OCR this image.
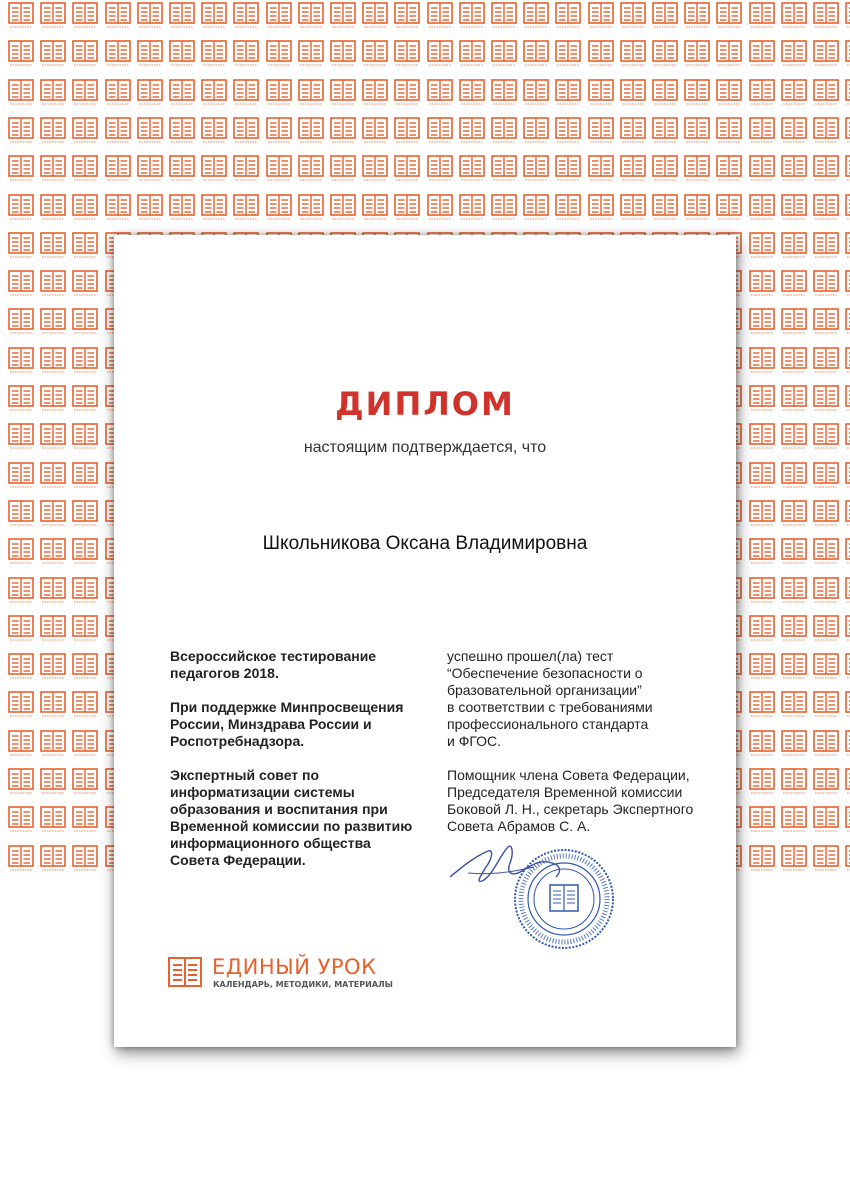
ДИПЛОМ
настоящим подтверждается, что
Школьникова Оксана Владимировна

Всероссийское тестирование
педагогов 2018.

При поддержке Минпросвещения
России, Минздрава России и
Роспотребнадзора.

Экспертный совет по
информатизации системы
образования и воспитания при
Временной комиссии по развитию
информационного общества
Совета Федерации.

успешно прошел(ла) тест
“Обеспечение безопасности о
бразовательной организации”
в соответствии с требованиями
профессионального стандарта
и ФГОС.

Помощник члена Совета Федерации,
Председателя Временной комиссии
Боковой Л. Н., секретарь Экспертного
Совета Абрамов С. А.

ЕДИНЫЙ УРОК
КАЛЕНДАРЬ, МЕТОДИКИ, МАТЕРИАЛЫ
